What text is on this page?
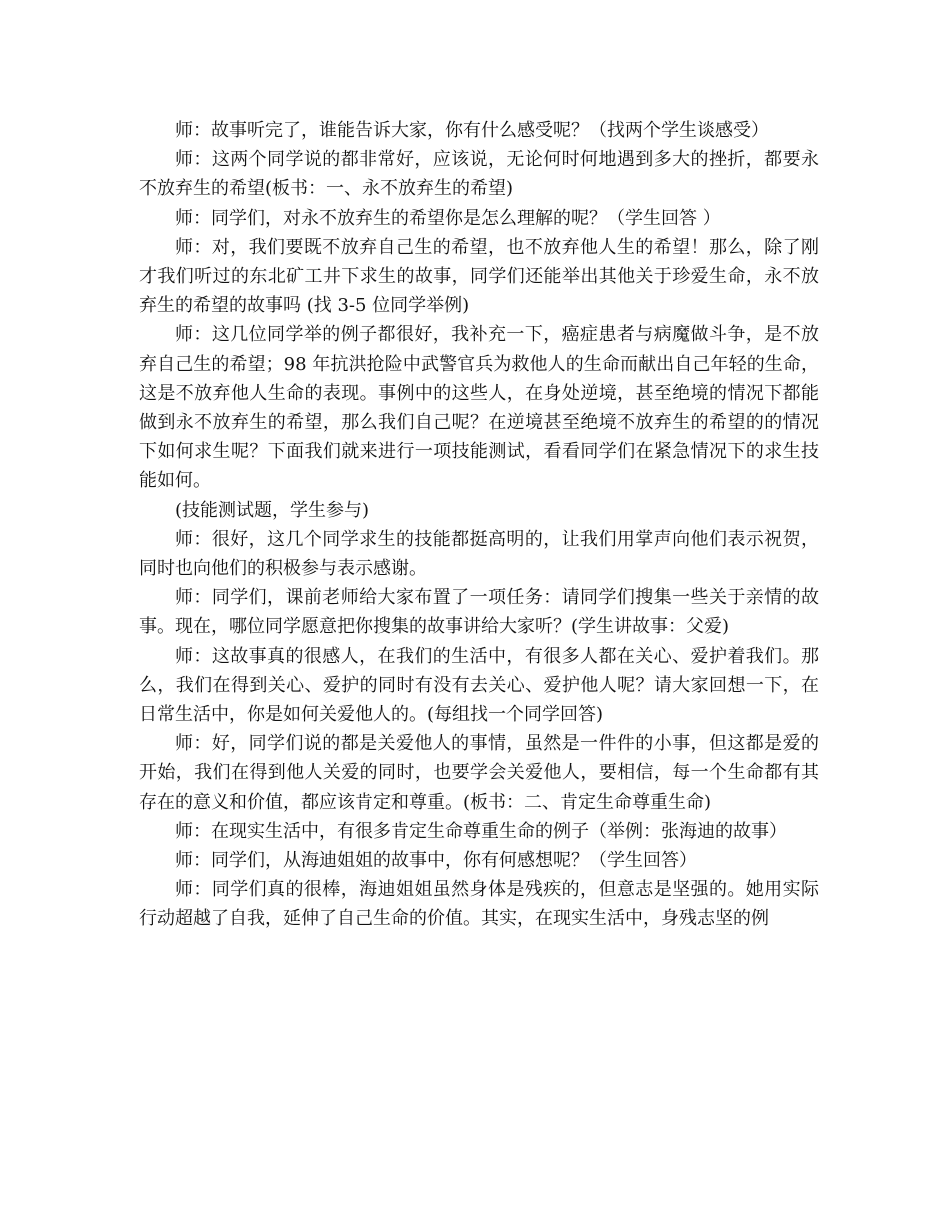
师：故事听完了，谁能告诉大家，你有什么感受呢？（找两个学生谈感受）

师：这两个同学说的都非常好，应该说，无论何时何地遇到多大的挫折，都要永不放弃生的希望(板书：一、永不放弃生的希望)

师：同学们，对永不放弃生的希望你是怎么理解的呢？（学生回答 ）

师：对，我们要既不放弃自己生的希望，也不放弃他人生的希望！那么，除了刚才我们听过的东北矿工井下求生的故事，同学们还能举出其他关于珍爱生命，永不放弃生的希望的故事吗 (找 3-5 位同学举例)

师：这几位同学举的例子都很好，我补充一下，癌症患者与病魔做斗争，是不放弃自己生的希望；98 年抗洪抢险中武警官兵为救他人的生命而献出自己年轻的生命，这是不放弃他人生命的表现。事例中的这些人，在身处逆境，甚至绝境的情况下都能做到永不放弃生的希望，那么我们自己呢？在逆境甚至绝境不放弃生的希望的的情况下如何求生呢？下面我们就来进行一项技能测试，看看同学们在紧急情况下的求生技能如何。

(技能测试题，学生参与)

师：很好，这几个同学求生的技能都挺高明的，让我们用掌声向他们表示祝贺，同时也向他们的积极参与表示感谢。

师：同学们，课前老师给大家布置了一项任务：请同学们搜集一些关于亲情的故事。现在，哪位同学愿意把你搜集的故事讲给大家听？(学生讲故事：父爱)

师：这故事真的很感人，在我们的生活中，有很多人都在关心、爱护着我们。那么，我们在得到关心、爱护的同时有没有去关心、爱护他人呢？请大家回想一下，在日常生活中，你是如何关爱他人的。(每组找一个同学回答)

师：好，同学们说的都是关爱他人的事情，虽然是一件件的小事，但这都是爱的开始，我们在得到他人关爱的同时，也要学会关爱他人，要相信，每一个生命都有其存在的意义和价值，都应该肯定和尊重。(板书：二、肯定生命尊重生命)

师：在现实生活中，有很多肯定生命尊重生命的例子（举例：张海迪的故事）

师：同学们，从海迪姐姐的故事中，你有何感想呢？（学生回答）

师：同学们真的很棒，海迪姐姐虽然身体是残疾的，但意志是坚强的。她用实际行动超越了自我，延伸了自己生命的价值。其实，在现实生活中，身残志坚的例
